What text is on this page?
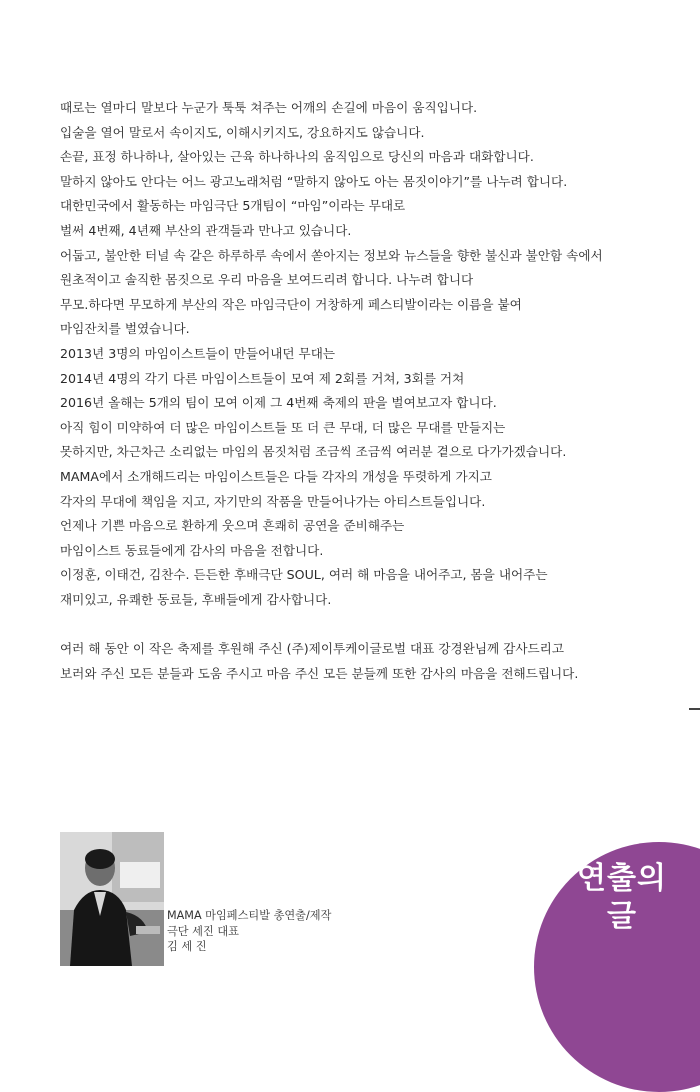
때로는 열마디 말보다 누군가 툭툭 쳐주는 어깨의 손길에 마음이 움직입니다.
입술을 열어 말로서 속이지도, 이해시키지도, 강요하지도 않습니다.
손끝, 표정 하나하나, 살아있는 근육 하나하나의 움직임으로 당신의 마음과 대화합니다.
말하지 않아도 안다는 어느 광고노래처럼 “말하지 않아도 아는 몸짓이야기”를 나누려 합니다.
대한민국에서 활동하는 마임극단 5개팀이 “마임”이라는 무대로
벌써 4번째, 4년째 부산의 관객들과 만나고 있습니다.
어둡고, 불안한 터널 속 같은 하루하루 속에서 쏟아지는 정보와 뉴스들을 향한 불신과 불안함 속에서
원초적이고 솔직한 몸짓으로 우리 마음을 보여드리려 합니다. 나누려 합니다
무모.하다면 무모하게 부산의 작은 마임극단이 거창하게 페스티발이라는 이름을 붙여
마임잔치를 벌였습니다.
2013년 3명의 마임이스트들이 만들어내던 무대는
2014년 4명의 각기 다른 마임이스트들이 모여 제 2회를 거쳐, 3회를 거쳐
2016년 올해는 5개의 팀이 모여 이제 그 4번째 축제의 판을 벌여보고자 합니다.
아직 힘이 미약하여 더 많은 마임이스트들 또 더 큰 무대, 더 많은 무대를 만들지는
못하지만, 차근차근 소리없는 마임의 몸짓처럼 조금씩 조금씩 여러분 곁으로 다가가겠습니다.
MAMA에서 소개해드리는 마임이스트들은 다들 각자의 개성을 뚜렷하게 가지고
각자의 무대에 책임을 지고, 자기만의 작품을 만들어나가는 아티스트들입니다.
언제나 기쁜 마음으로 환하게 웃으며 흔쾌히 공연을 준비해주는
마임이스트 동료들에게 감사의 마음을 전합니다.
이정훈, 이태건, 김찬수. 든든한 후배극단 SOUL, 여러 해 마음을 내어주고, 몸을 내어주는
재미있고, 유쾌한 동료들, 후배들에게 감사합니다.
여러 해 동안 이 작은 축제를 후원해 주신 (주)제이투케이글로벌 대표 강경완님께 감사드리고
보러와 주신 모든 분들과 도움 주시고 마음 주신 모든 분들께 또한 감사의 마음을 전해드립니다.
MAMA 마임페스티발 총연출/제작
극단 세진 대표
김 세 진
연출의
글
